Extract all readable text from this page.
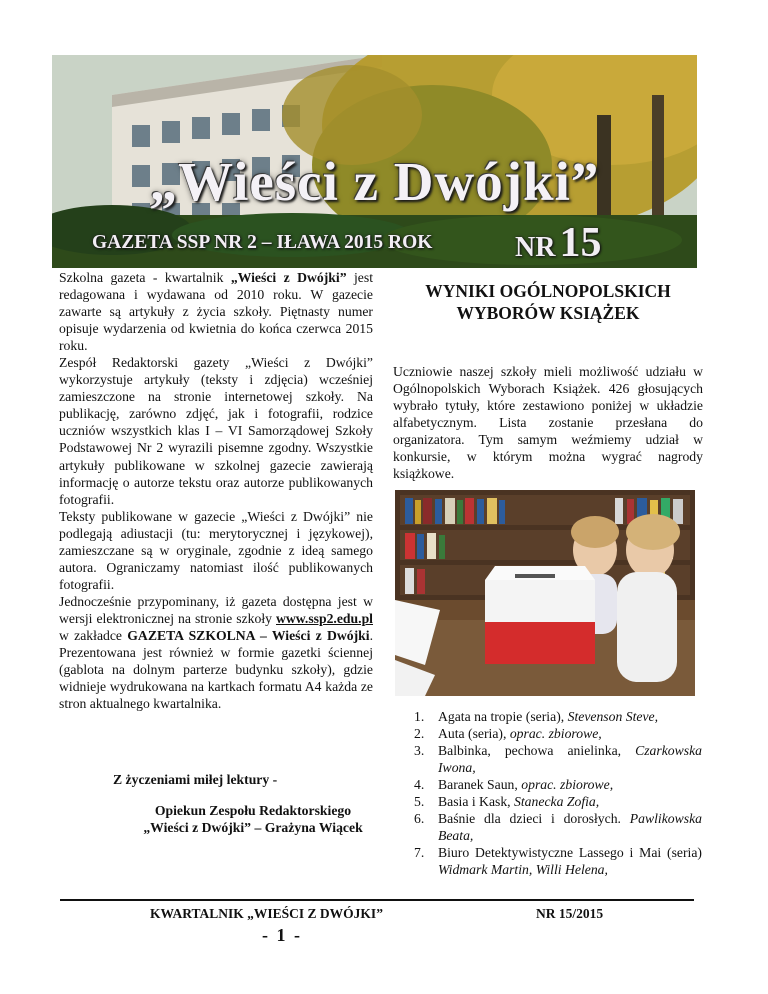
„Wieści z Dwójki”
GAZETA SSP NR 2 – IŁAWA 2015 ROK	NR15

Szkolna gazeta - kwartalnik „Wieści z Dwójki” jest redagowana i wydawana od 2010 roku. W gazecie zawarte są artykuły z życia szkoły. Piętnasty numer opisuje wydarzenia od kwietnia do końca czerwca 2015 roku.

Zespół Redaktorski gazety „Wieści z Dwójki” wykorzystuje artykuły (teksty i zdjęcia) wcześniej zamieszczone na stronie internetowej szkoły. Na publikację, zarówno zdjęć, jak i fotografii, rodzice uczniów wszystkich klas I – VI Samorządowej Szkoły Podstawowej Nr 2 wyrazili pisemne zgodny. Wszystkie artykuły publikowane w szkolnej gazecie zawierają informację o autorze tekstu oraz autorze publikowanych fotografii.

Teksty publikowane w gazecie „Wieści z Dwójki” nie podlegają adiustacji (tu: merytorycznej i językowej), zamieszczane są w oryginale, zgodnie z ideą samego autora. Ograniczamy natomiast ilość publikowanych fotografii.

Jednocześnie przypominany, iż gazeta dostępna jest w wersji elektronicznej na stronie szkoły www.ssp2.edu.pl w zakładce GAZETA SZKOLNA – Wieści z Dwójki. Prezentowana jest również w formie gazetki ściennej (gablota na dolnym parterze budynku szkoły), gdzie widnieje wydrukowana na kartkach formatu A4 każda ze stron aktualnego kwartalnika.

Z życzeniami miłej lektury -
Opiekun Zespołu Redaktorskiego
„Wieści z Dwójki” – Grażyna Wiącek
WYNIKI OGÓLNOPOLSKICH WYBORÓW KSIĄŻEK

Uczniowie naszej szkoły mieli możliwość udziału w Ogólnopolskich Wyborach Książek. 426 głosujących wybrało tytuły, które zestawiono poniżej w układzie alfabetycznym. Lista zostanie przesłana do organizatora. Tym samym weźmiemy udział w konkursie, w którym można wygrać nagrody książkowe.

1. Agata na tropie (seria), Stevenson Steve,
2. Auta (seria), oprac. zbiorowe,
3. Balbinka, pechowa anielinka, Czarkowska Iwona,
4. Baranek Saun, oprac. zbiorowe,
5. Basia i Kask, Stanecka Zofia,
6. Baśnie dla dzieci i dorosłych. Pawlikowska Beata,
7. Biuro Detektywistyczne Lassego i Mai (seria) Widmark Martin, Willi Helena,
KWARTALNIK „WIEŚCI Z DWÓJKI”	NR 15/2015
- 1 -
